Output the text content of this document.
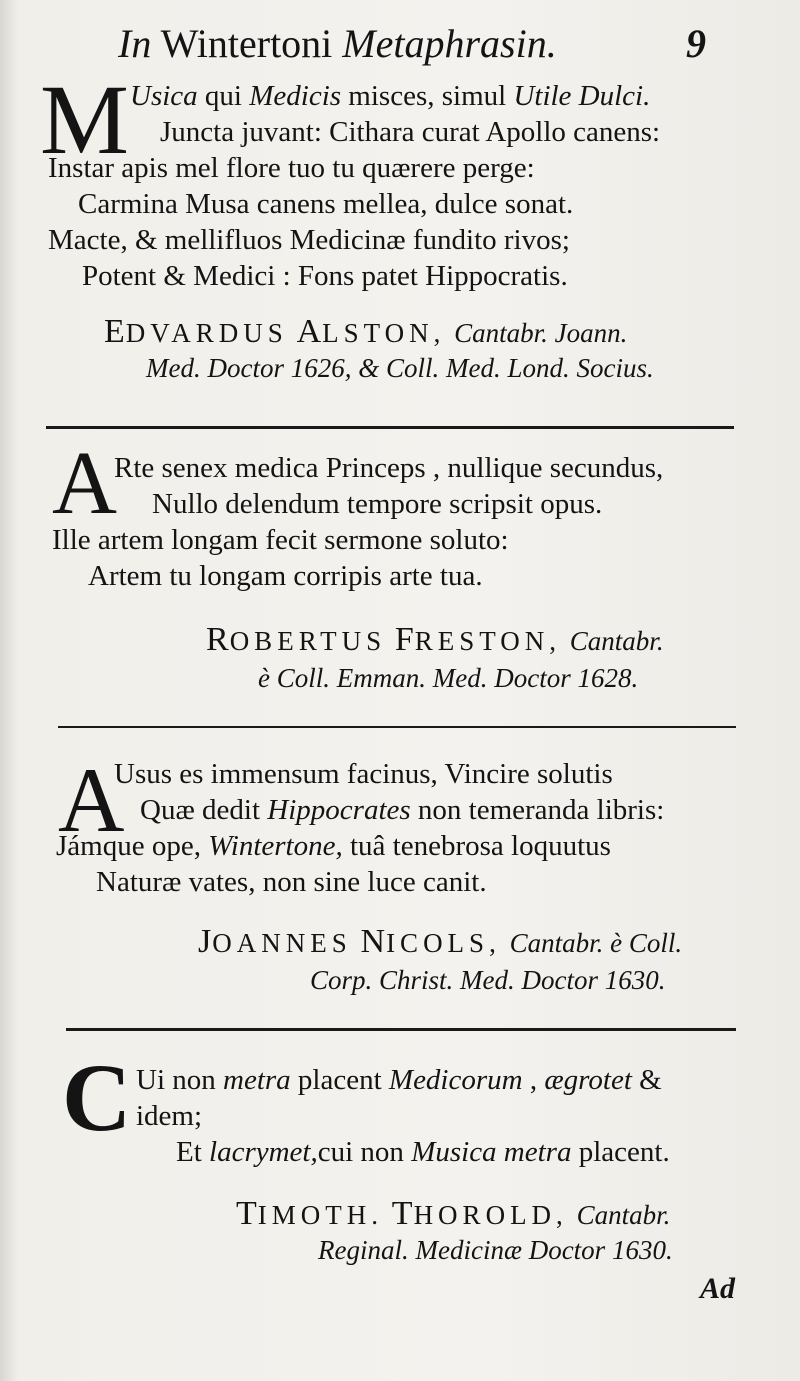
In Wintertoni Metaphrasin.	9
M Usica qui Medicis misces, simul Utile Dulci.
Juncta juvant: Cithara curat Apollo canens:
Instar apis mel flore tuo tu quærere perge:
Carmina Musa canens mellea, dulce sonat.
Macte, & mellifluos Medicinæ fundito rivos;
Potent & Medici : Fons patet Hippocratis.
EDVARDUS ALSTON, Cantabr. Joann.
Med. Doctor 1626, & Coll. Med. Lond. Socius.
A
Rte senex medica Princeps , nullique secundus,
Nullo delendum tempore scripsit opus.
Ille artem longam fecit sermone soluto:
Artem tu longam corripis arte tua.
ROBERTUS FRESTON, Cantabr.
è Coll. Emman. Med. Doctor 1628.
A
Usus es immensum facinus, Vincire solutis
Quæ dedit Hippocrates non temeranda libris:
Jámque ope, Wintertone, tuâ tenebrosa loquutus
Naturæ vates, non sine luce canit.
JOANNES NICOLS, Cantabr. è Coll.
Corp. Christ. Med. Doctor 1630.
C Ui non metra placent Medicorum , ægrotet &
idem;
Et lacrymet,cui non Musica metra placent.
TIMOTH. THOROLD, Cantabr.
Reginal. Medicinæ Doctor 1630.
Ad
